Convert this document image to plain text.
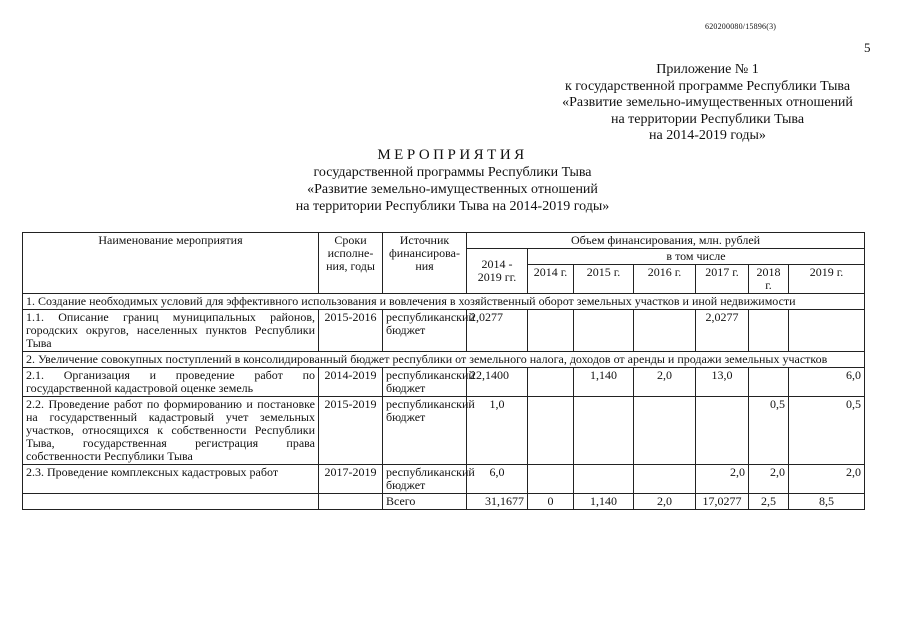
620200080/15896(3)
5
Приложение № 1
к государственной программе Республики Тыва
«Развитие земельно-имущественных отношений
на территории Республики Тыва
на 2014-2019 годы»
МЕРОПРИЯТИЯ
государственной программы Республики Тыва
«Развитие земельно-имущественных отношений
на территории Республики Тыва на 2014-2019 годы»
Наименование мероприятия	Сроки исполне-ния, годы	Источник финансирова-ния	Объем финансирования, млн. рублей						
			2014 - 2019 гг.	в том числе					
				2014 г.	2015 г.	2016 г.	2017 г.	2018 г.	2019 г.
1. Создание необходимых условий для эффективного использования и вовлечения в хозяйственный оборот земельных участков и иной недвижимости									
1.1. Описание границ муниципальных районов, городских округов, населенных пунктов Республики Тыва	2015-2016	республиканский бюджет	2,0277				2,0277		
2. Увеличение совокупных поступлений в консолидированный бюджет республики от земельного налога, доходов от аренды и продажи земельных участков									
2.1. Организация и проведение работ по государственной кадастровой оценке земель	2014-2019	республиканский бюджет	22,1400		1,140	2,0	13,0		6,0
2.2. Проведение работ по формированию и постановке на государственный кадастровый учет земельных участков, относящихся к собственности Республики Тыва, государственная регистрация права собственности Республики Тыва	2015-2019	республиканский бюджет	1,0					0,5	0,5
2.3. Проведение комплексных кадастровых работ	2017-2019	республиканский бюджет	6,0				2,0	2,0	2,0
		Всего	31,1677	0	1,140	2,0	17,0277	2,5	8,5
